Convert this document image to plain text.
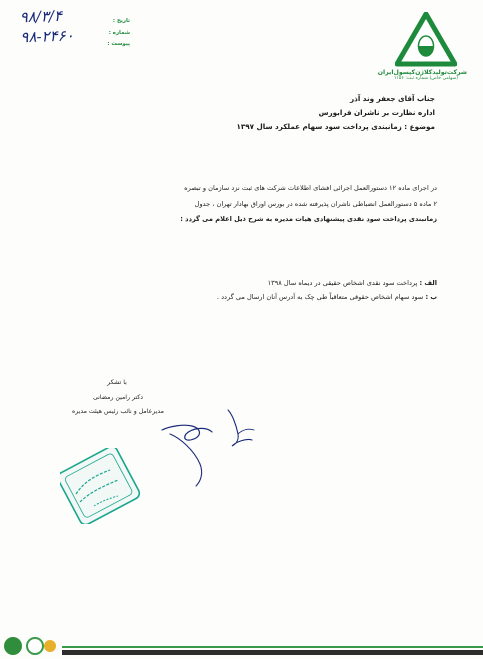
شرکت‌تولیدکلاژن‌کپسول‌ایران
(سهامی خاص) شماره ثبت: ۱۱۵۶
تاریخ :
شماره :
پیوست :
۹۸/۳/۴
۹۸-۲۴۶۰
جناب آقای جعفر وند آذر
اداره نظارت بر ناشران فرابورس
موضوع : زمانبندی پرداخت سود سهام عملکرد سال ۱۳۹۷
در اجرای ماده ۱۲ دستورالعمل اجرائی افشای اطلاعات شرکت های ثبت نزد سازمان و تبصره
۲ ماده ۵ دستورالعمل انضباطی ناشران پذیرفته شده در بورس اوراق بهادار تهران ، جدول
زمانبندی پرداخت سود نقدی پیشنهادی هیات مدیره به شرح ذیل اعلام می گردد :
الف : پرداخت سود نقدی اشخاص حقیقی در دیماه سال ۱۳۹۸
ب : سود سهام اشخاص حقوقی متعاقباً طی چک به آدرس آنان ارسال می گردد .
با تشکر
دکتر رامین رمضانی
مدیرعامل و نائب رئیس هیئت مدیره
